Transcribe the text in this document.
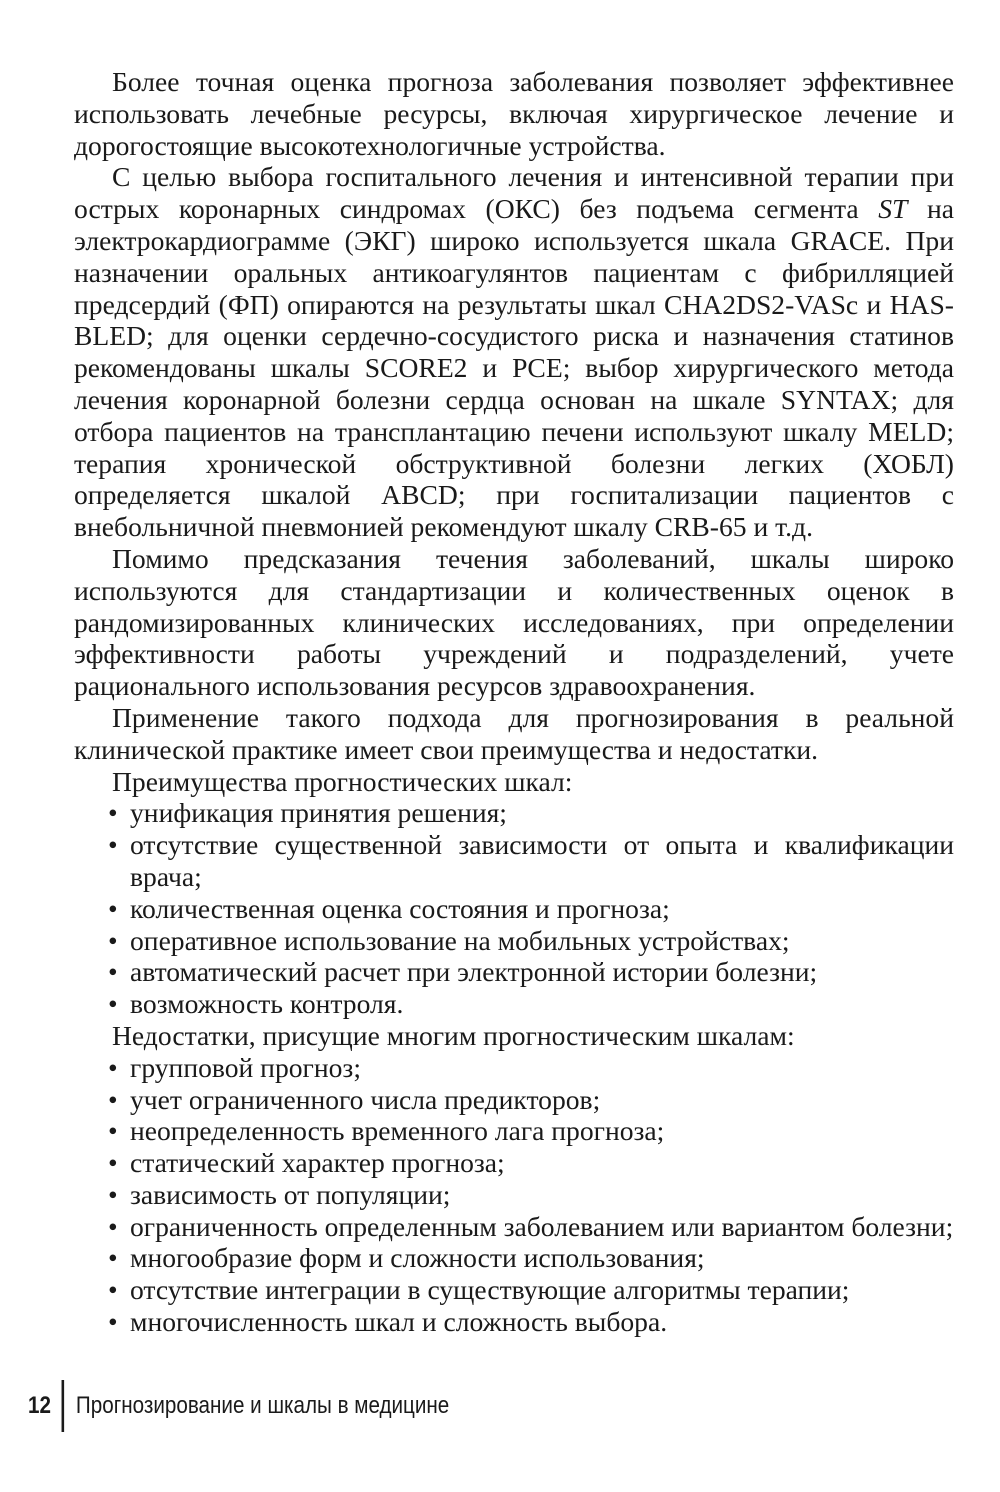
Более точная оценка прогноза заболевания позволяет эффективнее использовать лечебные ресурсы, включая хирургическое лечение и дорогостоящие высокотехнологичные устройства.

С целью выбора госпитального лечения и интенсивной терапии при острых коронарных синдромах (ОКС) без подъема сегмента ST на электрокардиограмме (ЭКГ) широко используется шкала GRACE. При назначении оральных антикоагулянтов пациентам с фибрилляцией предсердий (ФП) опираются на результаты шкал CHA2DS2-VASc и HAS-BLED; для оценки сердечно-сосудистого риска и назначения статинов рекомендованы шкалы SCORE2 и PCE; выбор хирургического метода лечения коронарной болезни сердца основан на шкале SYNTAX; для отбора пациентов на трансплантацию печени используют шкалу MELD; терапия хронической обструктивной болезни легких (ХОБЛ) определяется шкалой ABCD; при госпитализации пациентов с внебольничной пневмонией рекомендуют шкалу CRB-65 и т.д.

Помимо предсказания течения заболеваний, шкалы широко используются для стандартизации и количественных оценок в рандомизированных клинических исследованиях, при определении эффективности работы учреждений и подразделений, учете рационального использования ресурсов здравоохранения.

Применение такого подхода для прогнозирования в реальной клинической практике имеет свои преимущества и недостатки.

Преимущества прогностических шкал:

• унификация принятия решения;
• отсутствие существенной зависимости от опыта и квалификации врача;
• количественная оценка состояния и прогноза;
• оперативное использование на мобильных устройствах;
• автоматический расчет при электронной истории болезни;
• возможность контроля.

Недостатки, присущие многим прогностическим шкалам:

• групповой прогноз;
• учет ограниченного числа предикторов;
• неопределенность временного лага прогноза;
• статический характер прогноза;
• зависимость от популяции;
• ограниченность определенным заболеванием или вариантом болезни;
• многообразие форм и сложности использования;
• отсутствие интеграции в существующие алгоритмы терапии;
• многочисленность шкал и сложность выбора.
12	Прогнозирование и шкалы в медицине
